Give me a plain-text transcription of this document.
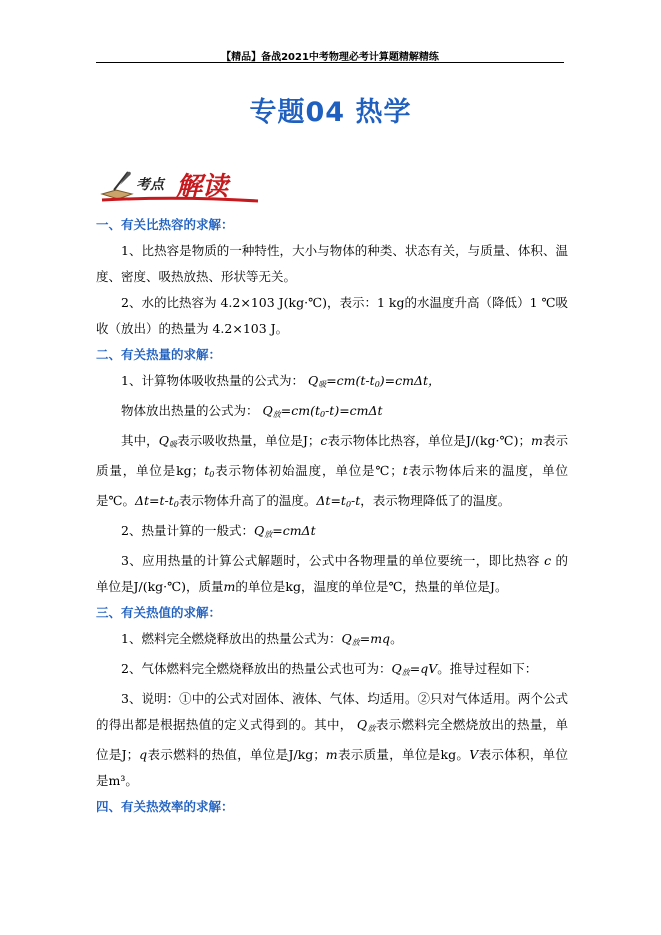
【精品】备战2021中考物理必考计算题精解精练
专题04 热学
考点 解读

一、有关比热容的求解：

1、比热容是物质的一种特性，大小与物体的种类、状态有关，与质量、体积、温度、密度、吸热放热、形状等无关。

2、水的比热容为 4.2×103 J(kg·℃)，表示：1 kg的水温度升高（降低）1 ℃吸收（放出）的热量为 4.2×103 J。

二、有关热量的求解：

1、计算物体吸收热量的公式为： $Q_吸=cm(t-t_0)=cm\Delta t$，

物体放出热量的公式为： $Q_放=cm(t_0-t)=cm\Delta t$

其中，$Q_吸$表示吸收热量，单位是J；c表示物体比热容，单位是J/(kg·℃)；m表示质量，单位是kg；$t_0$表示物体初始温度，单位是℃；t表示物体后来的温度，单位是℃。$\Delta t=t-t_0$表示物体升高了的温度。$\Delta t=t_0-t$，表示物理降低了的温度。

2、热量计算的一般式：$Q_放=cm\Delta t$

3、应用热量的计算公式解题时，公式中各物理量的单位要统一，即比热容 c 的单位是J/(kg·℃)，质量m的单位是kg，温度的单位是℃，热量的单位是J。

三、有关热值的求解：

1、燃料完全燃烧释放出的热量公式为：$Q_放=mq$。

2、气体燃料完全燃烧释放出的热量公式也可为：$Q_放=qV$。推导过程如下：

3、说明：①中的公式对固体、液体、气体、均适用。②只对气体适用。两个公式的得出都是根据热值的定义式得到的。其中， $Q_放$表示燃料完全燃烧放出的热量，单位是J；q表示燃料的热值，单位是J/kg；m表示质量，单位是kg。V表示体积，单位是m³。

四、有关热效率的求解：
